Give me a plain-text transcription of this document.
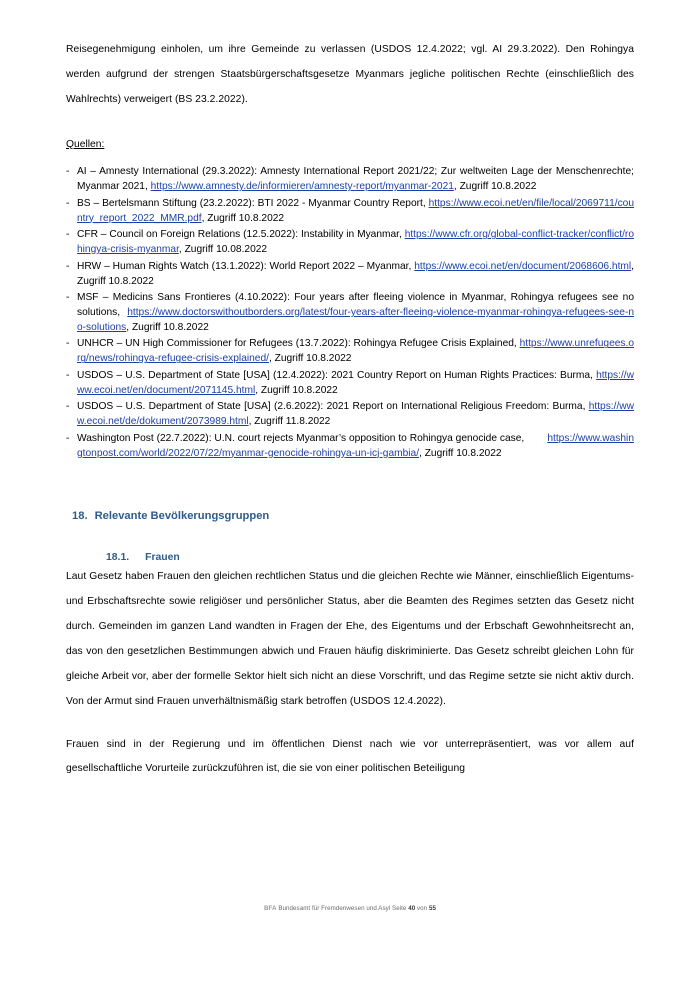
Reisegenehmigung einholen, um ihre Gemeinde zu verlassen (USDOS 12.4.2022; vgl. AI 29.3.2022). Den Rohingya werden aufgrund der strengen Staatsbürgerschaftsgesetze Myanmars jegliche politischen Rechte (einschließlich des Wahlrechts) verweigert (BS 23.2.2022).

Quellen:

- AI – Amnesty International (29.3.2022): Amnesty International Report 2021/22; Zur weltweiten Lage der Menschenrechte; Myanmar 2021, https://www.amnesty.de/informieren/amnesty-report/myanmar-2021, Zugriff 10.8.2022
- BS – Bertelsmann Stiftung (23.2.2022): BTI 2022 - Myanmar Country Report, https://www.ecoi.net/en/file/local/2069711/country_report_2022_MMR.pdf, Zugriff 10.8.2022
- CFR – Council on Foreign Relations (12.5.2022): Instability in Myanmar, https://www.cfr.org/global-conflict-tracker/conflict/rohingya-crisis-myanmar, Zugriff 10.08.2022
- HRW – Human Rights Watch (13.1.2022): World Report 2022 – Myanmar, https://www.ecoi.net/en/document/2068606.html, Zugriff 10.8.2022
- MSF – Medicins Sans Frontieres (4.10.2022): Four years after fleeing violence in Myanmar, Rohingya refugees see no solutions, https://www.doctorswithoutborders.org/latest/four-years-after-fleeing-violence-myanmar-rohingya-refugees-see-no-solutions, Zugriff 10.8.2022
- UNHCR – UN High Commissioner for Refugees (13.7.2022): Rohingya Refugee Crisis Explained, https://www.unrefugees.org/news/rohingya-refugee-crisis-explained/, Zugriff 10.8.2022
- USDOS – U.S. Department of State [USA] (12.4.2022): 2021 Country Report on Human Rights Practices: Burma, https://www.ecoi.net/en/document/2071145.html, Zugriff 10.8.2022
- USDOS – U.S. Department of State [USA] (2.6.2022): 2021 Report on International Religious Freedom: Burma, https://www.ecoi.net/de/dokument/2073989.html, Zugriff 11.8.2022
- Washington Post (22.7.2022): U.N. court rejects Myanmar’s opposition to Rohingya genocide case,        https://www.washingtonpost.com/world/2022/07/22/myanmar-genocide-rohingya-un-icj-gambia/, Zugriff 10.8.2022
18. Relevante Bevölkerungsgruppen
18.1. Frauen

Laut Gesetz haben Frauen den gleichen rechtlichen Status und die gleichen Rechte wie Männer, einschließlich Eigentums- und Erbschaftsrechte sowie religiöser und persönlicher Status, aber die Beamten des Regimes setzten das Gesetz nicht durch. Gemeinden im ganzen Land wandten in Fragen der Ehe, des Eigentums und der Erbschaft Gewohnheitsrecht an, das von den gesetzlichen Bestimmungen abwich und Frauen häufig diskriminierte. Das Gesetz schreibt gleichen Lohn für gleiche Arbeit vor, aber der formelle Sektor hielt sich nicht an diese Vorschrift, und das Regime setzte sie nicht aktiv durch. Von der Armut sind Frauen unverhältnismäßig stark betroffen (USDOS 12.4.2022).

Frauen sind in der Regierung und im öffentlichen Dienst nach wie vor unterrepräsentiert, was vor allem auf gesellschaftliche Vorurteile zurückzuführen ist, die sie von einer politischen Beteiligung

BFA Bundesamt für Fremdenwesen und Asyl Seite 40 von 55
